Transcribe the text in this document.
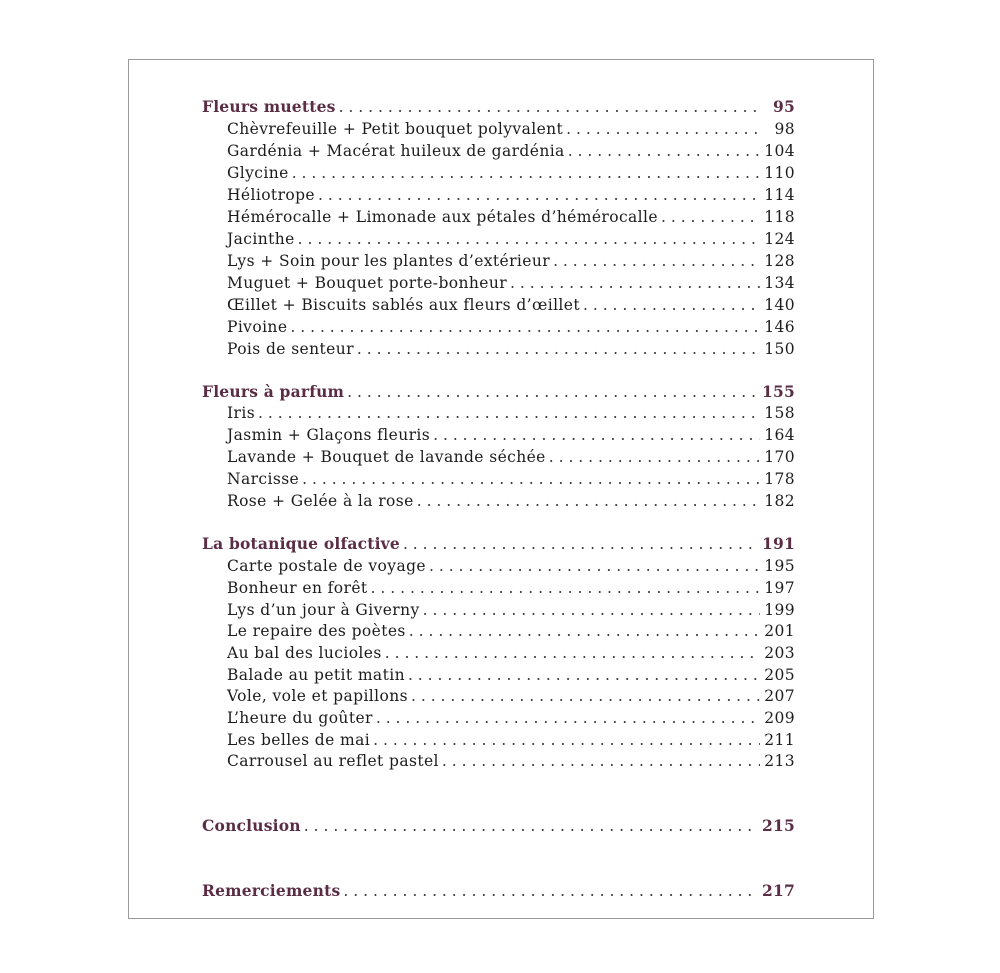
Fleurs muettes . . .	95
Chèvrefeuille + Petit bouquet polyvalent . . .	98
Gardénia + Macérat huileux de gardénia . . .	104
Glycine . . .	110
Héliotrope . . .	114
Hémérocalle + Limonade aux pétales d’hémérocalle . . .	118
Jacinthe . . .	124
Lys + Soin pour les plantes d’extérieur . . .	128
Muguet + Bouquet porte-bonheur . . .	134
Œillet + Biscuits sablés aux fleurs d’œillet . . .	140
Pivoine . . .	146
Pois de senteur . . .	150
Fleurs à parfum . . .	155
Iris . . .	158
Jasmin + Glaçons fleuris . . .	164
Lavande + Bouquet de lavande séchée . . .	170
Narcisse . . .	178
Rose + Gelée à la rose . . .	182
La botanique olfactive . . .	191
Carte postale de voyage . . .	195
Bonheur en forêt . . .	197
Lys d’un jour à Giverny . . .	199
Le repaire des poètes . . .	201
Au bal des lucioles . . .	203
Balade au petit matin . . .	205
Vole, vole et papillons . . .	207
L’heure du goûter . . .	209
Les belles de mai . . .	211
Carrousel au reflet pastel . . .	213
Conclusion . . .	215
Remerciements . . .	217
